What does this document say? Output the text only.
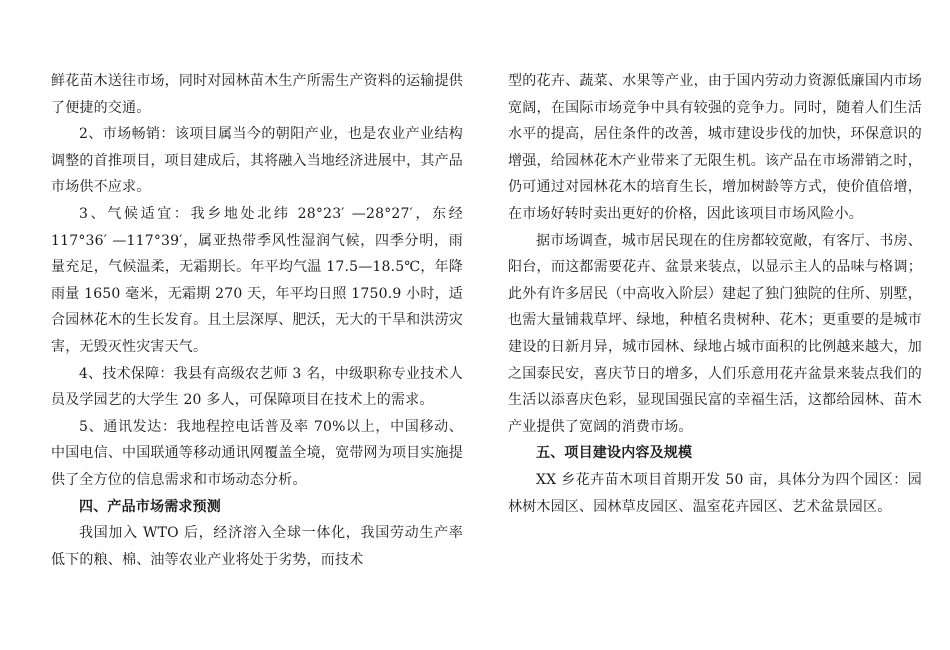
鲜花苗木送往市场，同时对园林苗木生产所需生产资料的运输提供了便捷的交通。

2、市场畅销：该项目属当今的朝阳产业，也是农业产业结构调整的首推项目，项目建成后，其将融入当地经济进展中，其产品市场供不应求。

3、气候适宜：我乡地处北纬 28°23′ —28°27′，东经 117°36′ —117°39′，属亚热带季风性湿润气候，四季分明，雨量充足，气候温柔，无霜期长。年平均气温 17.5—18.5℃，年降雨量 1650 毫米，无霜期 270 天，年平均日照 1750.9 小时，适合园林花木的生长发育。且土层深厚、肥沃，无大的干旱和洪涝灾害，无毁灭性灾害天气。

4、技术保障：我县有高级农艺师 3 名，中级职称专业技术人员及学园艺的大学生 20 多人，可保障项目在技术上的需求。

5、通讯发达：我地程控电话普及率 70%以上，中国移动、中国电信、中国联通等移动通讯网覆盖全境，宽带网为项目实施提供了全方位的信息需求和市场动态分析。

四、产品市场需求预测

我国加入 WTO 后，经济溶入全球一体化，我国劳动生产率低下的粮、棉、油等农业产业将处于劣势，而技术

型的花卉、蔬菜、水果等产业，由于国内劳动力资源低廉国内市场宽阔，在国际市场竞争中具有较强的竞争力。同时，随着人们生活水平的提高，居住条件的改善，城市建设步伐的加快，环保意识的增强，给园林花木产业带来了无限生机。该产品在市场滞销之时，仍可通过对园林花木的培育生长，增加树龄等方式，使价值倍增，在市场好转时卖出更好的价格，因此该项目市场风险小。

据市场调查，城市居民现在的住房都较宽敞，有客厅、书房、阳台，而这都需要花卉、盆景来装点，以显示主人的品味与格调；此外有许多居民（中高收入阶层）建起了独门独院的住所、别墅，也需大量铺栽草坪、绿地，种植名贵树种、花木；更重要的是城市建设的日新月异，城市园林、绿地占城市面积的比例越来越大，加之国泰民安，喜庆节日的增多，人们乐意用花卉盆景来装点我们的生活以添喜庆色彩，显现国强民富的幸福生活，这都给园林、苗木产业提供了宽阔的消费市场。

五、项目建设内容及规模

XX 乡花卉苗木项目首期开发 50 亩，具体分为四个园区：园林树木园区、园林草皮园区、温室花卉园区、艺术盆景园区。
